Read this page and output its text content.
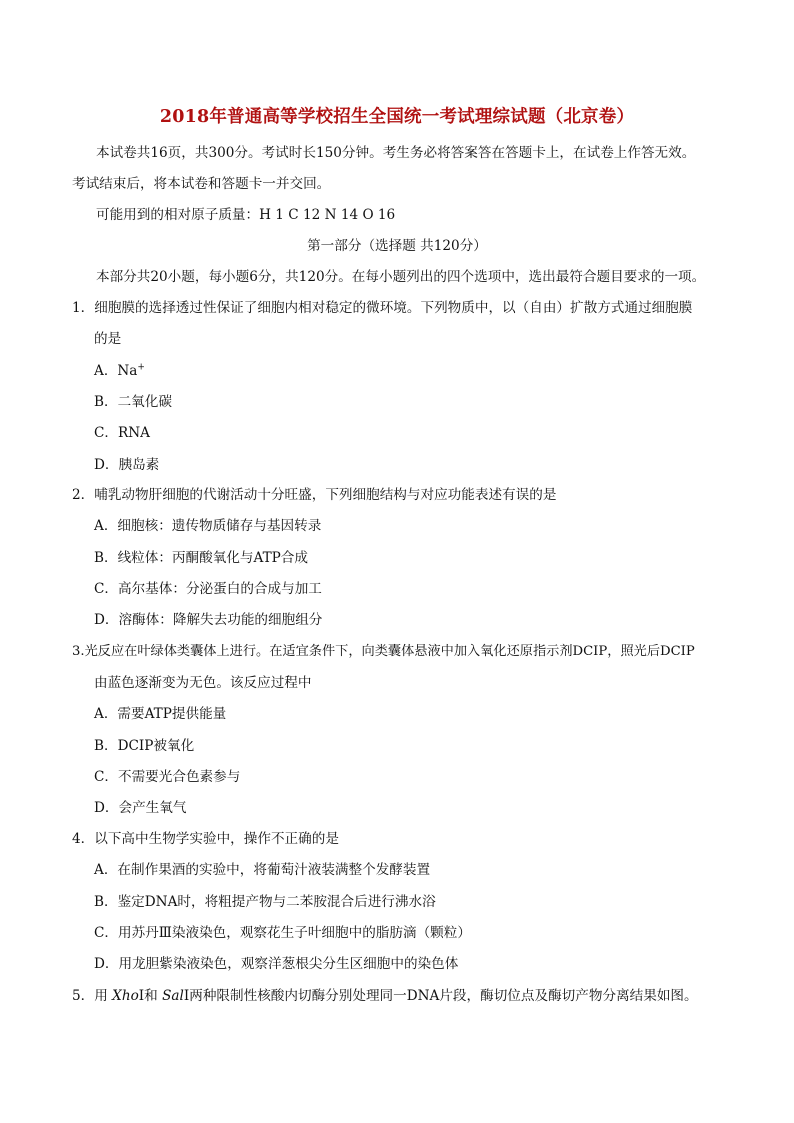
2018年普通高等学校招生全国统一考试理综试题（北京卷）
本试卷共16页，共300分。考试时长150分钟。考生务必将答案答在答题卡上，在试卷上作答无效。
考试结束后，将本试卷和答题卡一并交回。
可能用到的相对原子质量：H 1 C 12 N 14 O 16
第一部分（选择题 共120分）
本部分共20小题，每小题6分，共120分。在每小题列出的四个选项中，选出最符合题目要求的一项。
1．细胞膜的选择透过性保证了细胞内相对稳定的微环境。下列物质中，以（自由）扩散方式通过细胞膜
的是
A．Na+
B．二氧化碳
C．RNA
D．胰岛素
2．哺乳动物肝细胞的代谢活动十分旺盛，下列细胞结构与对应功能表述有误的是
A．细胞核：遗传物质储存与基因转录
B．线粒体：丙酮酸氧化与ATP合成
C．高尔基体：分泌蛋白的合成与加工
D．溶酶体：降解失去功能的细胞组分
3.光反应在叶绿体类囊体上进行。在适宜条件下，向类囊体悬液中加入氧化还原指示剂DCIP，照光后DCIP
由蓝色逐渐变为无色。该反应过程中
A．需要ATP提供能量
B．DCIP被氧化
C．不需要光合色素参与
D．会产生氧气
4．以下高中生物学实验中，操作不正确的是
A．在制作果酒的实验中，将葡萄汁液装满整个发酵装置
B．鉴定DNA时，将粗提产物与二苯胺混合后进行沸水浴
C．用苏丹Ⅲ染液染色，观察花生子叶细胞中的脂肪滴（颗粒）
D．用龙胆紫染液染色，观察洋葱根尖分生区细胞中的染色体
5．用 XhoⅠ和 SalⅠ两种限制性核酸内切酶分别处理同一DNA片段，酶切位点及酶切产物分离结果如图。
